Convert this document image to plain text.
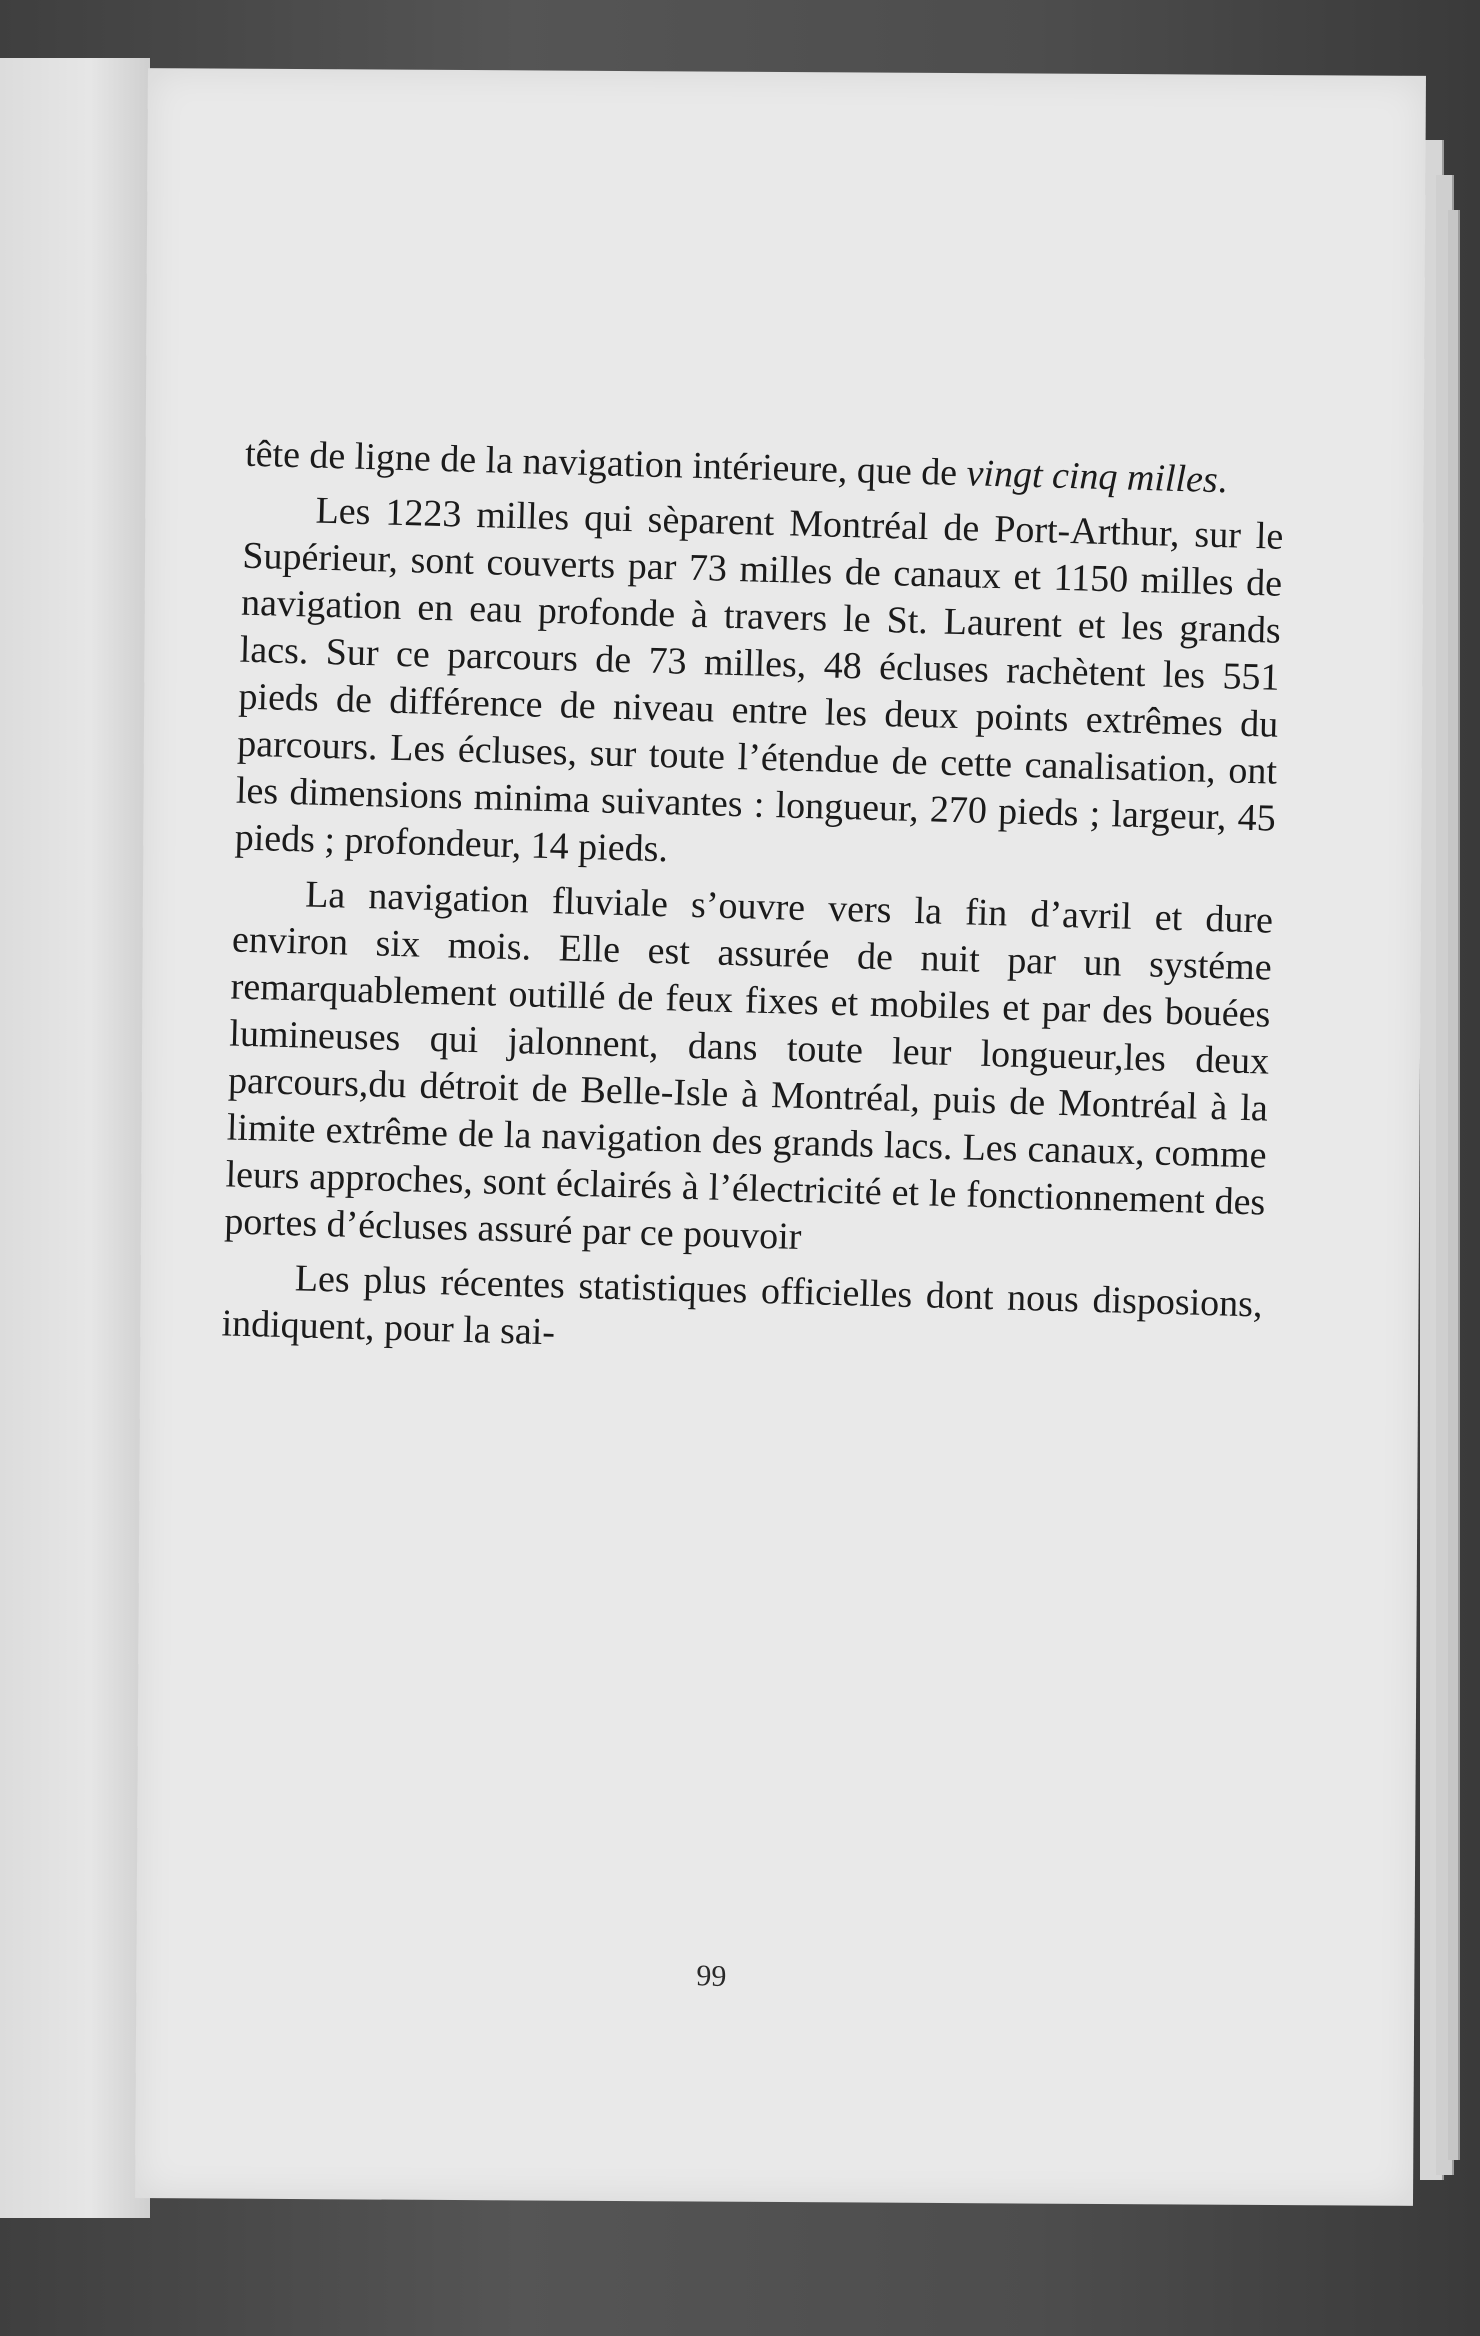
tête de ligne de la navigation intérieure, que de vingt cinq milles.

Les 1223 milles qui sèparent Montréal de Port-Arthur, sur le Supérieur, sont couverts par 73 milles de canaux et 1150 milles de navigation en eau profonde à travers le St. Laurent et les grands lacs. Sur ce parcours de 73 milles, 48 écluses rachètent les 551 pieds de différence de niveau entre les deux points extrêmes du parcours. Les écluses, sur toute l’étendue de cette canalisation, ont les dimensions minima suivantes : longueur, 270 pieds ; largeur, 45 pieds ; profondeur, 14 pieds.

La navigation fluviale s’ouvre vers la fin d’avril et dure environ six mois. Elle est assurée de nuit par un systéme remarquablement outillé de feux fixes et mobiles et par des bouées lumineuses qui jalonnent, dans toute leur longueur,les deux parcours,du détroit de Belle-Isle à Montréal, puis de Montréal à la limite extrême de la navigation des grands lacs. Les canaux, comme leurs approches, sont éclairés à l’électricité et le fonctionnement des portes d’écluses assuré par ce pouvoir

Les plus récentes statistiques officielles dont nous disposions, indiquent, pour la sai-

99
